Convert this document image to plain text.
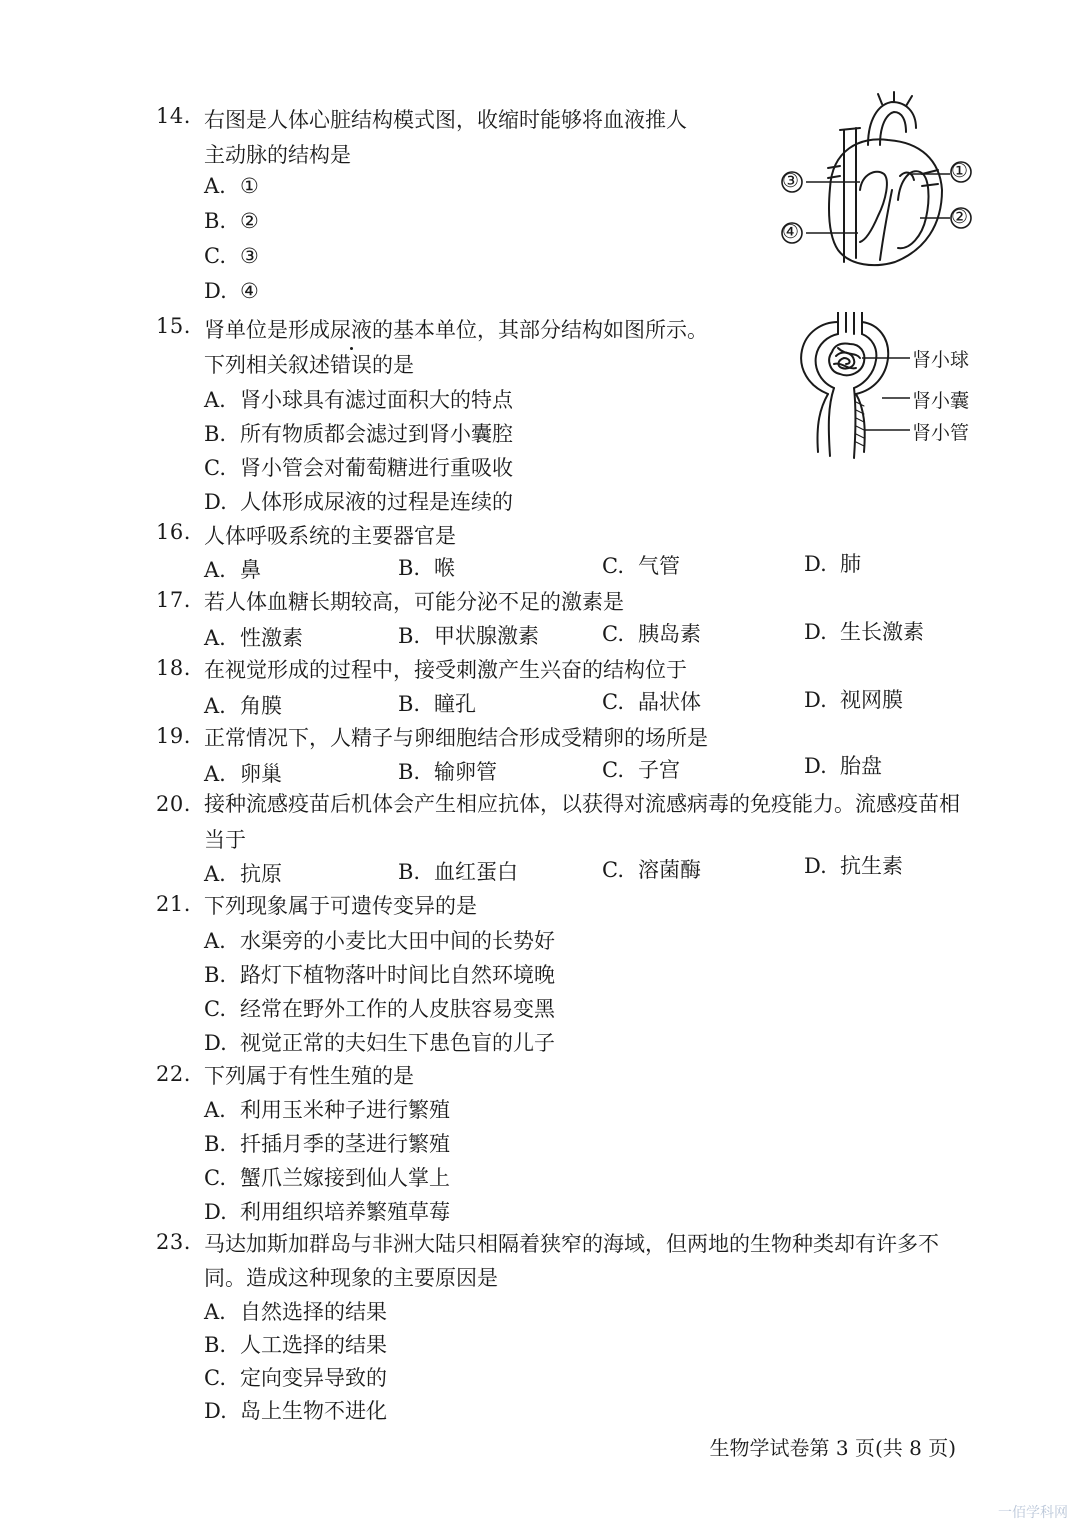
14. 右图是人体心脏结构模式图，收缩时能够将血液推人
主动脉的结构是
A. ①
B. ②
C. ③
D. ④
③
④
①
②
15. 肾单位是形成尿液的基本单位，其部分结构如图所示。
下列相关叙述错误的是
A. 肾小球具有滤过面积大的特点
B. 所有物质都会滤过到肾小囊腔
C. 肾小管会对葡萄糖进行重吸收
D. 人体形成尿液的过程是连续的
肾小球
肾小囊
肾小管
16. 人体呼吸系统的主要器官是
A. 鼻	B. 喉	C. 气管	D. 肺
17. 若人体血糖长期较高，可能分泌不足的激素是
A. 性激素	B. 甲状腺激素	C. 胰岛素	D. 生长激素
18. 在视觉形成的过程中，接受刺激产生兴奋的结构位于
A. 角膜	B. 瞳孔	C. 晶状体	D. 视网膜
19. 正常情况下，人精子与卵细胞结合形成受精卵的场所是
A. 卵巢	B. 输卵管	C. 子宫	D. 胎盘
20. 接种流感疫苗后机体会产生相应抗体，以获得对流感病毒的免疫能力。流感疫苗相
当于
A. 抗原	B. 血红蛋白	C. 溶菌酶	D. 抗生素
21. 下列现象属于可遗传变异的是
A. 水渠旁的小麦比大田中间的长势好
B. 路灯下植物落叶时间比自然环境晚
C. 经常在野外工作的人皮肤容易变黑
D. 视觉正常的夫妇生下患色盲的儿子
22. 下列属于有性生殖的是
A. 利用玉米种子进行繁殖
B. 扦插月季的茎进行繁殖
C. 蟹爪兰嫁接到仙人掌上
D. 利用组织培养繁殖草莓
23. 马达加斯加群岛与非洲大陆只相隔着狭窄的海域，但两地的生物种类却有许多不
同。造成这种现象的主要原因是
A. 自然选择的结果
B. 人工选择的结果
C. 定向变异导致的
D. 岛上生物不进化
生物学试卷第 3 页(共 8 页)
一佰学科网
